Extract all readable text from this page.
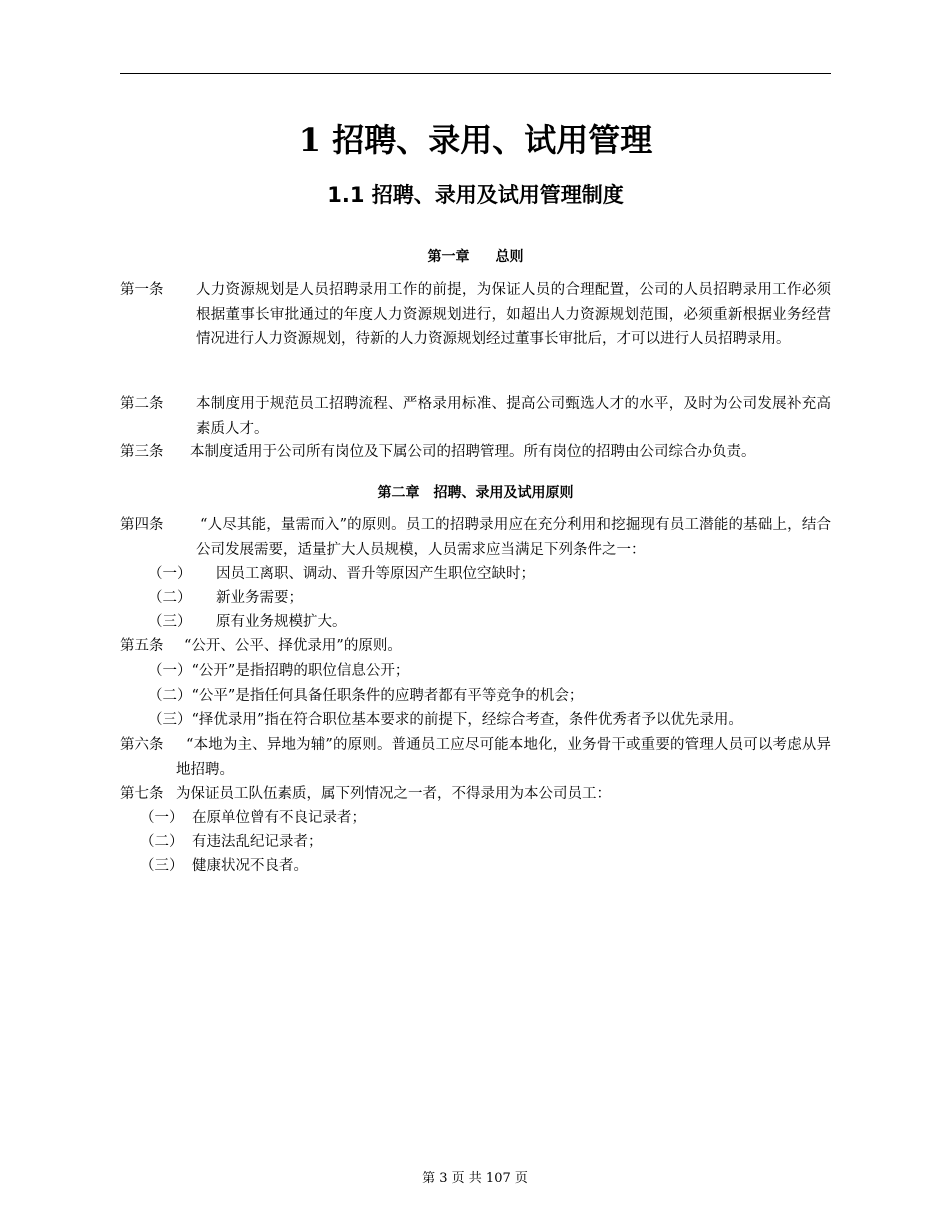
1 招聘、录用、试用管理
1.1 招聘、录用及试用管理制度
第一章 总则
第一条 人力资源规划是人员招聘录用工作的前提，为保证人员的合理配置，公司的人员招聘录用工作必须根据董事长审批通过的年度人力资源规划进行，如超出人力资源规划范围，必须重新根据业务经营情况进行人力资源规划，待新的人力资源规划经过董事长审批后，才可以进行人员招聘录用。
第二条 本制度用于规范员工招聘流程、严格录用标准、提高公司甄选人才的水平，及时为公司发展补充高素质人才。
第三条 本制度适用于公司所有岗位及下属公司的招聘管理。所有岗位的招聘由公司综合办负责。
第二章　招聘、录用及试用原则
第四条	“人尽其能，量需而入”的原则。员工的招聘录用应在充分利用和挖掘现有员工潜能的基础上，结合公司发展需要，适量扩大人员规模，人员需求应当满足下列条件之一：
（一） 因员工离职、调动、晋升等原因产生职位空缺时；
（二） 新业务需要；
（三） 原有业务规模扩大。
第五条 “公开、公平、择优录用”的原则。
（一）“公开”是指招聘的职位信息公开；
（二）“公平”是指任何具备任职条件的应聘者都有平等竞争的机会；
（三）“择优录用”指在符合职位基本要求的前提下，经综合考查，条件优秀者予以优先录用。
第六条	“本地为主、异地为辅”的原则。普通员工应尽可能本地化，业务骨干或重要的管理人员可以考虑从异地招聘。
第七条 为保证员工队伍素质，属下列情况之一者，不得录用为本公司员工：
（一） 在原单位曾有不良记录者；
（二） 有违法乱纪记录者；
（三） 健康状况不良者。
第 3 页 共 107 页
